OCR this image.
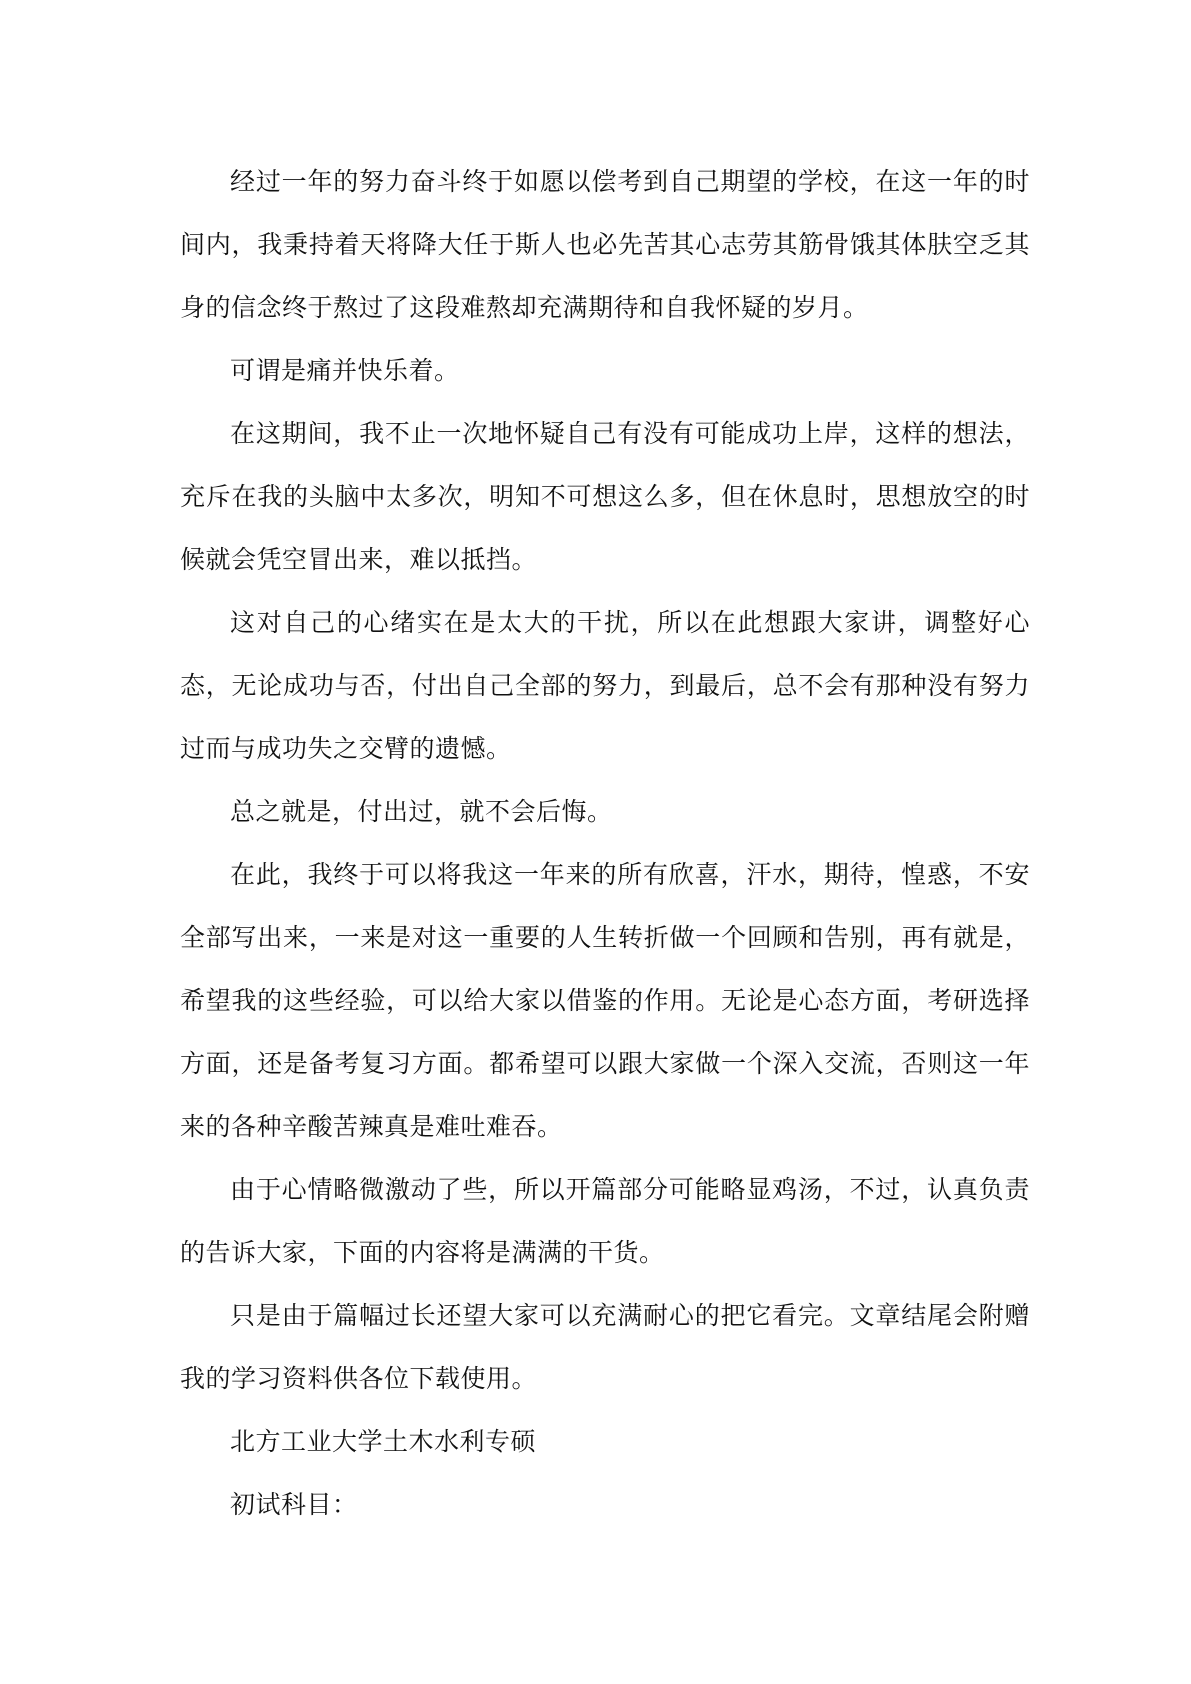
经过一年的努力奋斗终于如愿以偿考到自己期望的学校，在这一年的时间内，我秉持着天将降大任于斯人也必先苦其心志劳其筋骨饿其体肤空乏其身的信念终于熬过了这段难熬却充满期待和自我怀疑的岁月。

可谓是痛并快乐着。

在这期间，我不止一次地怀疑自己有没有可能成功上岸，这样的想法，充斥在我的头脑中太多次，明知不可想这么多，但在休息时，思想放空的时候就会凭空冒出来，难以抵挡。

这对自己的心绪实在是太大的干扰，所以在此想跟大家讲，调整好心态，无论成功与否，付出自己全部的努力，到最后，总不会有那种没有努力过而与成功失之交臂的遗憾。

总之就是，付出过，就不会后悔。

在此，我终于可以将我这一年来的所有欣喜，汗水，期待，惶惑，不安全部写出来，一来是对这一重要的人生转折做一个回顾和告别，再有就是，希望我的这些经验，可以给大家以借鉴的作用。无论是心态方面，考研选择方面，还是备考复习方面。都希望可以跟大家做一个深入交流，否则这一年来的各种辛酸苦辣真是难吐难吞。

由于心情略微激动了些，所以开篇部分可能略显鸡汤，不过，认真负责的告诉大家，下面的内容将是满满的干货。

只是由于篇幅过长还望大家可以充满耐心的把它看完。文章结尾会附赠我的学习资料供各位下载使用。

北方工业大学土木水利专硕

初试科目：
